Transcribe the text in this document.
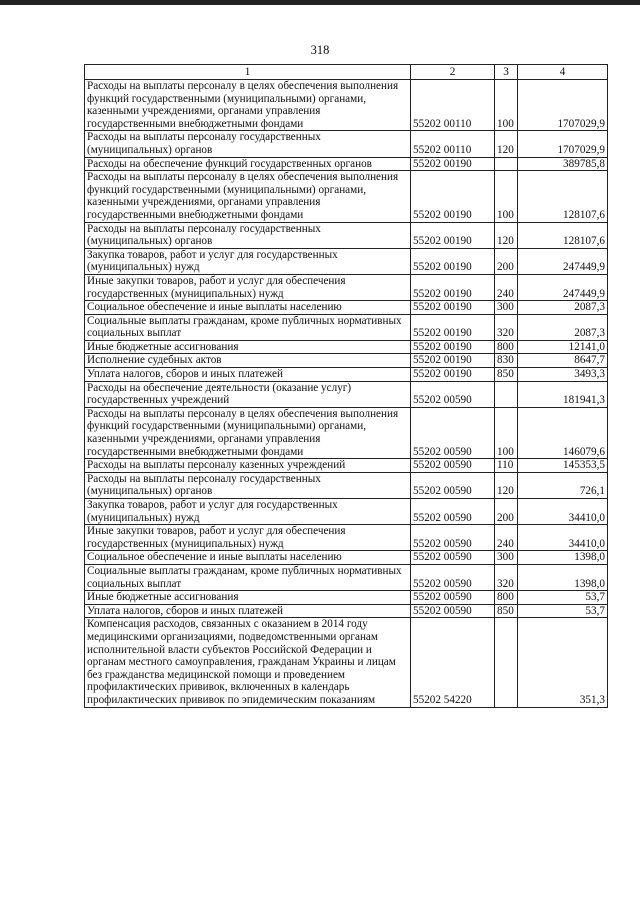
318
1	2	3	4
Расходы на выплаты персоналу в целях обеспечения выполнения функций государственными (муниципальными) органами, казенными учреждениями, органами управления государственными внебюджетными фондами	55202 00110	100	1707029,9
Расходы на выплаты персоналу государственных (муниципальных) органов	55202 00110	120	1707029,9
Расходы на обеспечение функций государственных органов	55202 00190		389785,8
Расходы на выплаты персоналу в целях обеспечения выполнения функций государственными (муниципальными) органами, казенными учреждениями, органами управления государственными внебюджетными фондами	55202 00190	100	128107,6
Расходы на выплаты персоналу государственных (муниципальных) органов	55202 00190	120	128107,6
Закупка товаров, работ и услуг для государственных (муниципальных) нужд	55202 00190	200	247449,9
Иные закупки товаров, работ и услуг для обеспечения государственных (муниципальных) нужд	55202 00190	240	247449,9
Социальное обеспечение и иные выплаты населению	55202 00190	300	2087,3
Социальные выплаты гражданам, кроме публичных нормативных социальных выплат	55202 00190	320	2087,3
Иные бюджетные ассигнования	55202 00190	800	12141,0
Исполнение судебных актов	55202 00190	830	8647,7
Уплата налогов, сборов и иных платежей	55202 00190	850	3493,3
Расходы на обеспечение деятельности (оказание услуг) государственных учреждений	55202 00590		181941,3
Расходы на выплаты персоналу в целях обеспечения выполнения функций государственными (муниципальными) органами, казенными учреждениями, органами управления государственными внебюджетными фондами	55202 00590	100	146079,6
Расходы на выплаты персоналу казенных учреждений	55202 00590	110	145353,5
Расходы на выплаты персоналу государственных (муниципальных) органов	55202 00590	120	726,1
Закупка товаров, работ и услуг для государственных (муниципальных) нужд	55202 00590	200	34410,0
Иные закупки товаров, работ и услуг для обеспечения государственных (муниципальных) нужд	55202 00590	240	34410,0
Социальное обеспечение и иные выплаты населению	55202 00590	300	1398,0
Социальные выплаты гражданам, кроме публичных нормативных социальных выплат	55202 00590	320	1398,0
Иные бюджетные ассигнования	55202 00590	800	53,7
Уплата налогов, сборов и иных платежей	55202 00590	850	53,7
Компенсация расходов, связанных с оказанием в 2014 году медицинскими организациями, подведомственными органам исполнительной власти субъектов Российской Федерации и органам местного самоуправления, гражданам Украины и лицам без гражданства медицинской помощи и проведением профилактических прививок, включенных в календарь профилактических прививок по эпидемическим показаниям	55202 54220		351,3
